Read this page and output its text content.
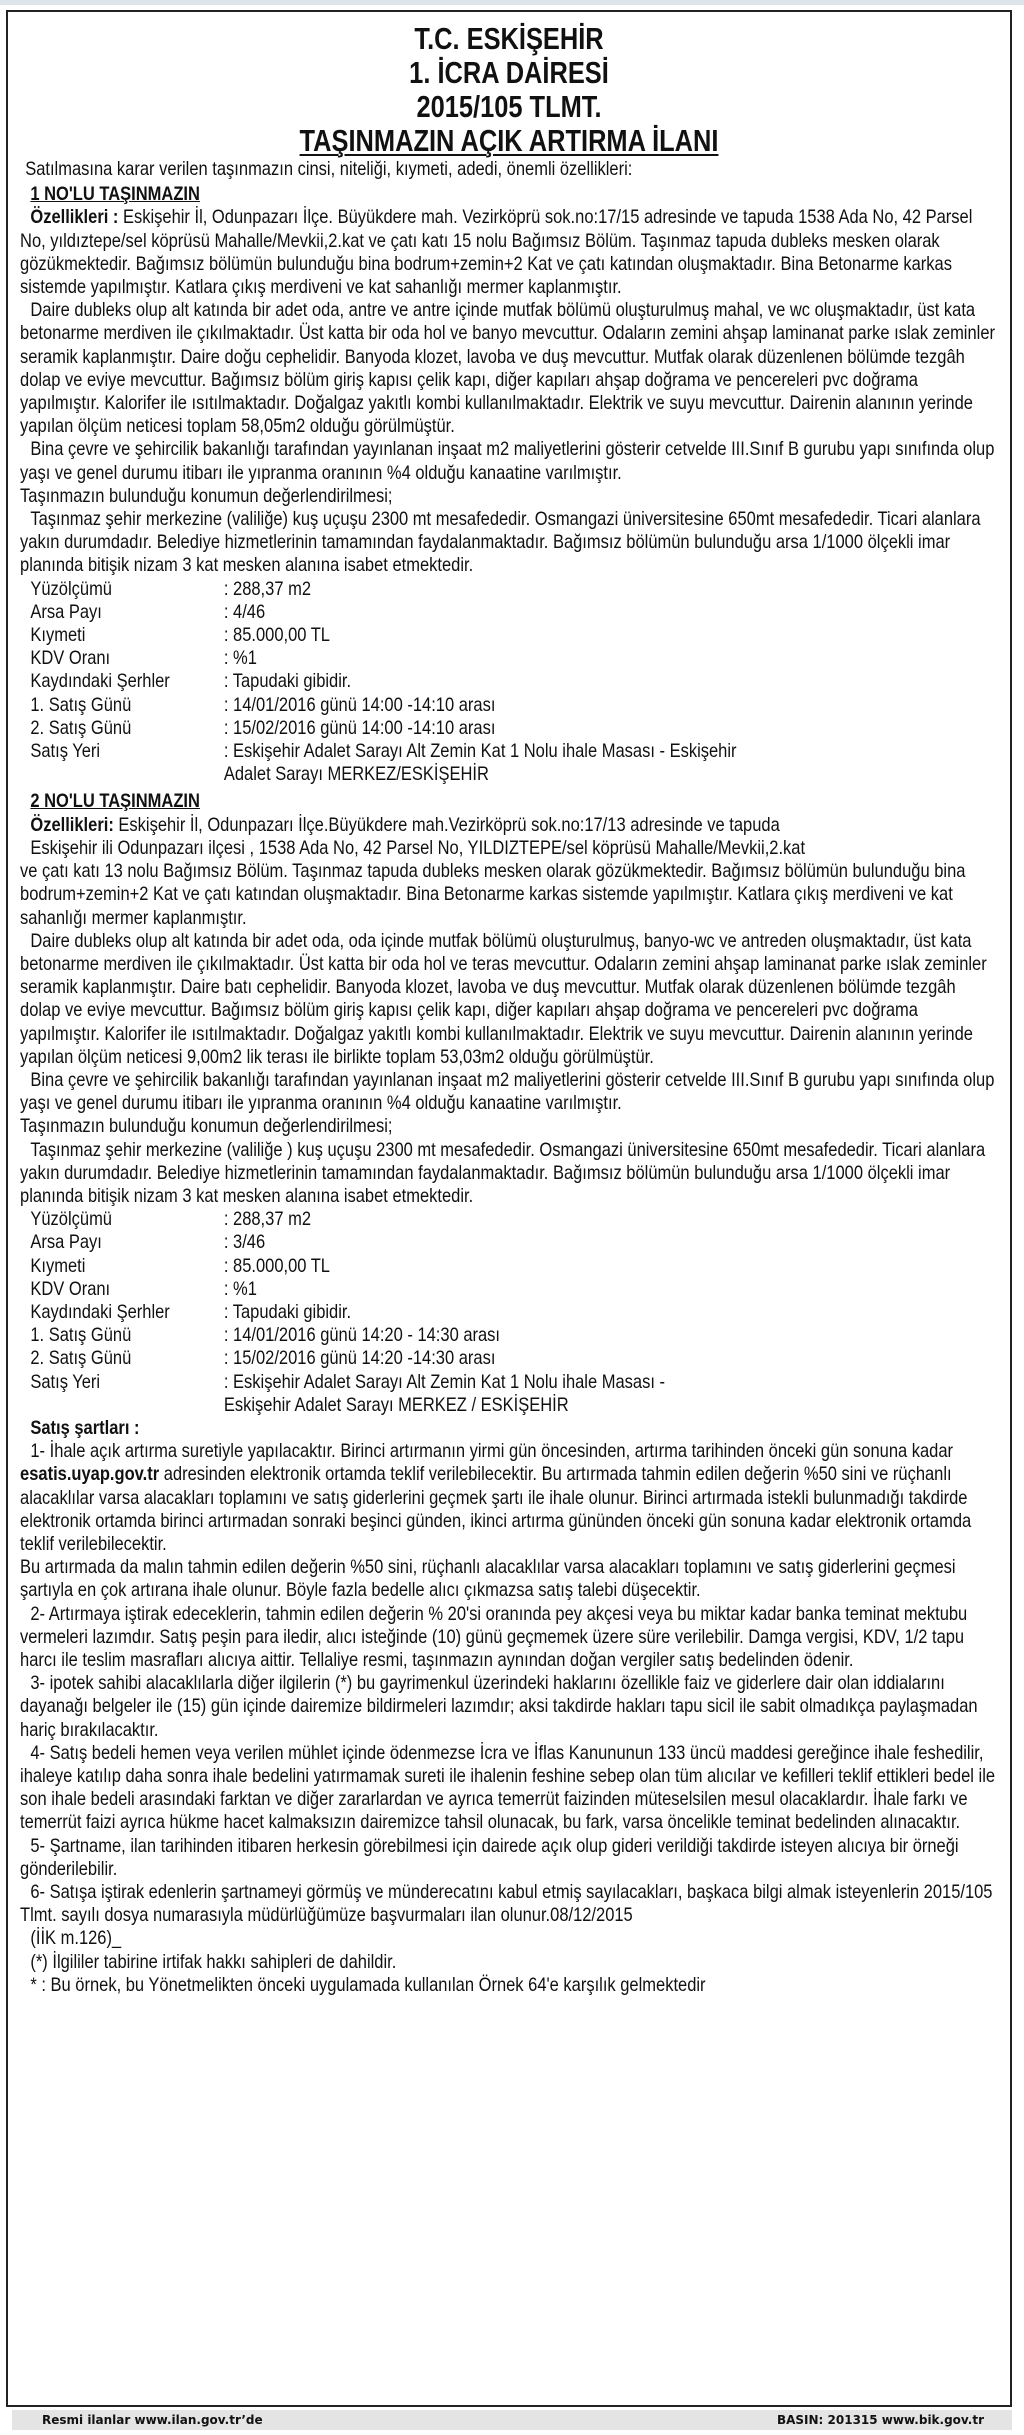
T.C. ESKİŞEHİR
1. İCRA DAİRESİ
2015/105 TLMT.
TAŞINMAZIN AÇIK ARTIRMA İLANI

Satılmasına karar verilen taşınmazın cinsi, niteliği, kıymeti, adedi, önemli özellikleri:

1 NO'LU TAŞINMAZIN

Özellikleri : Eskişehir İl, Odunpazarı İlçe. Büyükdere mah. Vezirköprü sok.no:17/15 adresinde ve tapuda 1538 Ada No, 42 Parsel No, yıldıztepe/sel köprüsü Mahalle/Mevkii,2.kat ve çatı katı 15 nolu Bağımsız Bölüm. Taşınmaz tapuda dubleks mesken olarak gözükmektedir. Bağımsız bölümün bulunduğu bina bodrum+zemin+2 Kat ve çatı katından oluşmaktadır. Bina Betonarme karkas sistemde yapılmıştır. Katlara çıkış merdiveni ve kat sahanlığı mermer kaplanmıştır.

Daire dubleks olup alt katında bir adet oda, antre ve antre içinde mutfak bölümü oluşturulmuş mahal, ve wc oluşmaktadır, üst kata betonarme merdiven ile çıkılmaktadır. Üst katta bir oda hol ve banyo mevcuttur. Odaların zemini ahşap laminanat parke ıslak zeminler seramik kaplanmıştır. Daire doğu cephelidir. Banyoda klozet, lavoba ve duş mevcuttur. Mutfak olarak düzenlenen bölümde tezgâh dolap ve eviye mevcuttur. Bağımsız bölüm giriş kapısı çelik kapı, diğer kapıları ahşap doğrama ve pencereleri pvc doğrama yapılmıştır. Kalorifer ile ısıtılmaktadır. Doğalgaz yakıtlı kombi kullanılmaktadır. Elektrik ve suyu mevcuttur. Dairenin alanının yerinde yapılan ölçüm neticesi toplam 58,05m2 olduğu görülmüştür.

Bina çevre ve şehircilik bakanlığı tarafından yayınlanan inşaat m2 maliyetlerini gösterir cetvelde III.Sınıf B gurubu yapı sınıfında olup yaşı ve genel durumu itibarı ile yıpranma oranının %4 olduğu kanaatine varılmıştır.

Taşınmazın bulunduğu konumun değerlendirilmesi;

Taşınmaz şehir merkezine (valiliğe) kuş uçuşu 2300 mt mesafededir. Osmangazi üniversitesine 650mt mesafededir. Ticari alanlara yakın durumdadır. Belediye hizmetlerinin tamamından faydalanmaktadır. Bağımsız bölümün bulunduğu arsa 1/1000 ölçekli imar planında bitişik nizam 3 kat mesken alanına isabet etmektedir.

Yüzölçümü	: 288,37 m2
Arsa Payı	: 4/46
Kıymeti	: 85.000,00 TL
KDV Oranı	: %1
Kaydındaki Şerhler	: Tapudaki gibidir.
1. Satış Günü	: 14/01/2016 günü 14:00 -14:10 arası
2. Satış Günü	: 15/02/2016 günü 14:00 -14:10 arası
Satış Yeri	: Eskişehir Adalet Sarayı Alt Zemin Kat 1 Nolu ihale Masası - Eskişehir
Adalet Sarayı MERKEZ/ESKİŞEHİR
2 NO'LU TAŞINMAZIN

Özellikleri: Eskişehir İl, Odunpazarı İlçe.Büyükdere mah.Vezirköprü sok.no:17/13 adresinde ve tapuda

Eskişehir ili Odunpazarı ilçesi , 1538 Ada No, 42 Parsel No, YILDIZTEPE/sel köprüsü Mahalle/Mevkii,2.kat

ve çatı katı 13 nolu Bağımsız Bölüm. Taşınmaz tapuda dubleks mesken olarak gözükmektedir. Bağımsız bölümün bulunduğu bina bodrum+zemin+2 Kat ve çatı katından oluşmaktadır. Bina Betonarme karkas sistemde yapılmıştır. Katlara çıkış merdiveni ve kat sahanlığı mermer kaplanmıştır.

Daire dubleks olup alt katında bir adet oda, oda içinde mutfak bölümü oluşturulmuş, banyo-wc ve antreden oluşmaktadır, üst kata betonarme merdiven ile çıkılmaktadır. Üst katta bir oda hol ve teras mevcuttur. Odaların zemini ahşap laminanat parke ıslak zeminler seramik kaplanmıştır. Daire batı cephelidir. Banyoda klozet, lavoba ve duş mevcuttur. Mutfak olarak düzenlenen bölümde tezgâh dolap ve eviye mevcuttur. Bağımsız bölüm giriş kapısı çelik kapı, diğer kapıları ahşap doğrama ve pencereleri pvc doğrama yapılmıştır. Kalorifer ile ısıtılmaktadır. Doğalgaz yakıtlı kombi kullanılmaktadır. Elektrik ve suyu mevcuttur. Dairenin alanının yerinde yapılan ölçüm neticesi 9,00m2 lik terası ile birlikte toplam 53,03m2 olduğu görülmüştür.

Bina çevre ve şehircilik bakanlığı tarafından yayınlanan inşaat m2 maliyetlerini gösterir cetvelde III.Sınıf B gurubu yapı sınıfında olup yaşı ve genel durumu itibarı ile yıpranma oranının %4 olduğu kanaatine varılmıştır.

Taşınmazın bulunduğu konumun değerlendirilmesi;

Taşınmaz şehir merkezine (valiliğe ) kuş uçuşu 2300 mt mesafededir. Osmangazi üniversitesine 650mt mesafededir. Ticari alanlara yakın durumdadır. Belediye hizmetlerinin tamamından faydalanmaktadır. Bağımsız bölümün bulunduğu arsa 1/1000 ölçekli imar planında bitişik nizam 3 kat mesken alanına isabet etmektedir.

Yüzölçümü	: 288,37 m2
Arsa Payı	: 3/46
Kıymeti	: 85.000,00 TL
KDV Oranı	: %1
Kaydındaki Şerhler	: Tapudaki gibidir.
1. Satış Günü	: 14/01/2016 günü 14:20 - 14:30 arası
2. Satış Günü	: 15/02/2016 günü 14:20 -14:30 arası
Satış Yeri	: Eskişehir Adalet Sarayı Alt Zemin Kat 1 Nolu ihale Masası -
Eskişehir Adalet Sarayı MERKEZ / ESKİŞEHİR
Satış şartları :

1- İhale açık artırma suretiyle yapılacaktır. Birinci artırmanın yirmi gün öncesinden, artırma tarihinden önceki gün sonuna kadar esatis.uyap.gov.tr adresinden elektronik ortamda teklif verilebilecektir. Bu artırmada tahmin edilen değerin %50 sini ve rüçhanlı alacaklılar varsa alacakları toplamını ve satış giderlerini geçmek şartı ile ihale olunur. Birinci artırmada istekli bulunmadığı takdirde elektronik ortamda birinci artırmadan sonraki beşinci günden, ikinci artırma gününden önceki gün sonuna kadar elektronik ortamda teklif verilebilecektir.

Bu artırmada da malın tahmin edilen değerin %50 sini, rüçhanlı alacaklılar varsa alacakları toplamını ve satış giderlerini geçmesi şartıyla en çok artırana ihale olunur. Böyle fazla bedelle alıcı çıkmazsa satış talebi düşecektir.

2- Artırmaya iştirak edeceklerin, tahmin edilen değerin % 20'si oranında pey akçesi veya bu miktar kadar banka teminat mektubu vermeleri lazımdır. Satış peşin para iledir, alıcı isteğinde (10) günü geçmemek üzere süre verilebilir. Damga vergisi, KDV, 1/2 tapu harcı ile teslim masrafları alıcıya aittir. Tellaliye resmi, taşınmazın aynından doğan vergiler satış bedelinden ödenir.

3- ipotek sahibi alacaklılarla diğer ilgilerin (*) bu gayrimenkul üzerindeki haklarını özellikle faiz ve giderlere dair olan iddialarını dayanağı belgeler ile (15) gün içinde dairemize bildirmeleri lazımdır; aksi takdirde hakları tapu sicil ile sabit olmadıkça paylaşmadan hariç bırakılacaktır.

4- Satış bedeli hemen veya verilen mühlet içinde ödenmezse İcra ve İflas Kanununun 133 üncü maddesi gereğince ihale feshedilir, ihaleye katılıp daha sonra ihale bedelini yatırmamak sureti ile ihalenin feshine sebep olan tüm alıcılar ve kefilleri teklif ettikleri bedel ile son ihale bedeli arasındaki farktan ve diğer zararlardan ve ayrıca temerrüt faizinden müteselsilen mesul olacaklardır. İhale farkı ve temerrüt faizi ayrıca hükme hacet kalmaksızın dairemizce tahsil olunacak, bu fark, varsa öncelikle teminat bedelinden alınacaktır.

5- Şartname, ilan tarihinden itibaren herkesin görebilmesi için dairede açık olup gideri verildiği takdirde isteyen alıcıya bir örneği gönderilebilir.

6- Satışa iştirak edenlerin şartnameyi görmüş ve münderecatını kabul etmiş sayılacakları, başkaca bilgi almak isteyenlerin 2015/105 Tlmt. sayılı dosya numarasıyla müdürlüğümüze başvurmaları ilan olunur.08/12/2015

(İİK m.126)_

(*) İlgililer tabirine irtifak hakkı sahipleri de dahildir.

* : Bu örnek, bu Yönetmelikten önceki uygulamada kullanılan Örnek 64'e karşılık gelmektedir

Resmi ilanlar www.ilan.gov.tr’de	BASIN: 201315 www.bik.gov.tr
